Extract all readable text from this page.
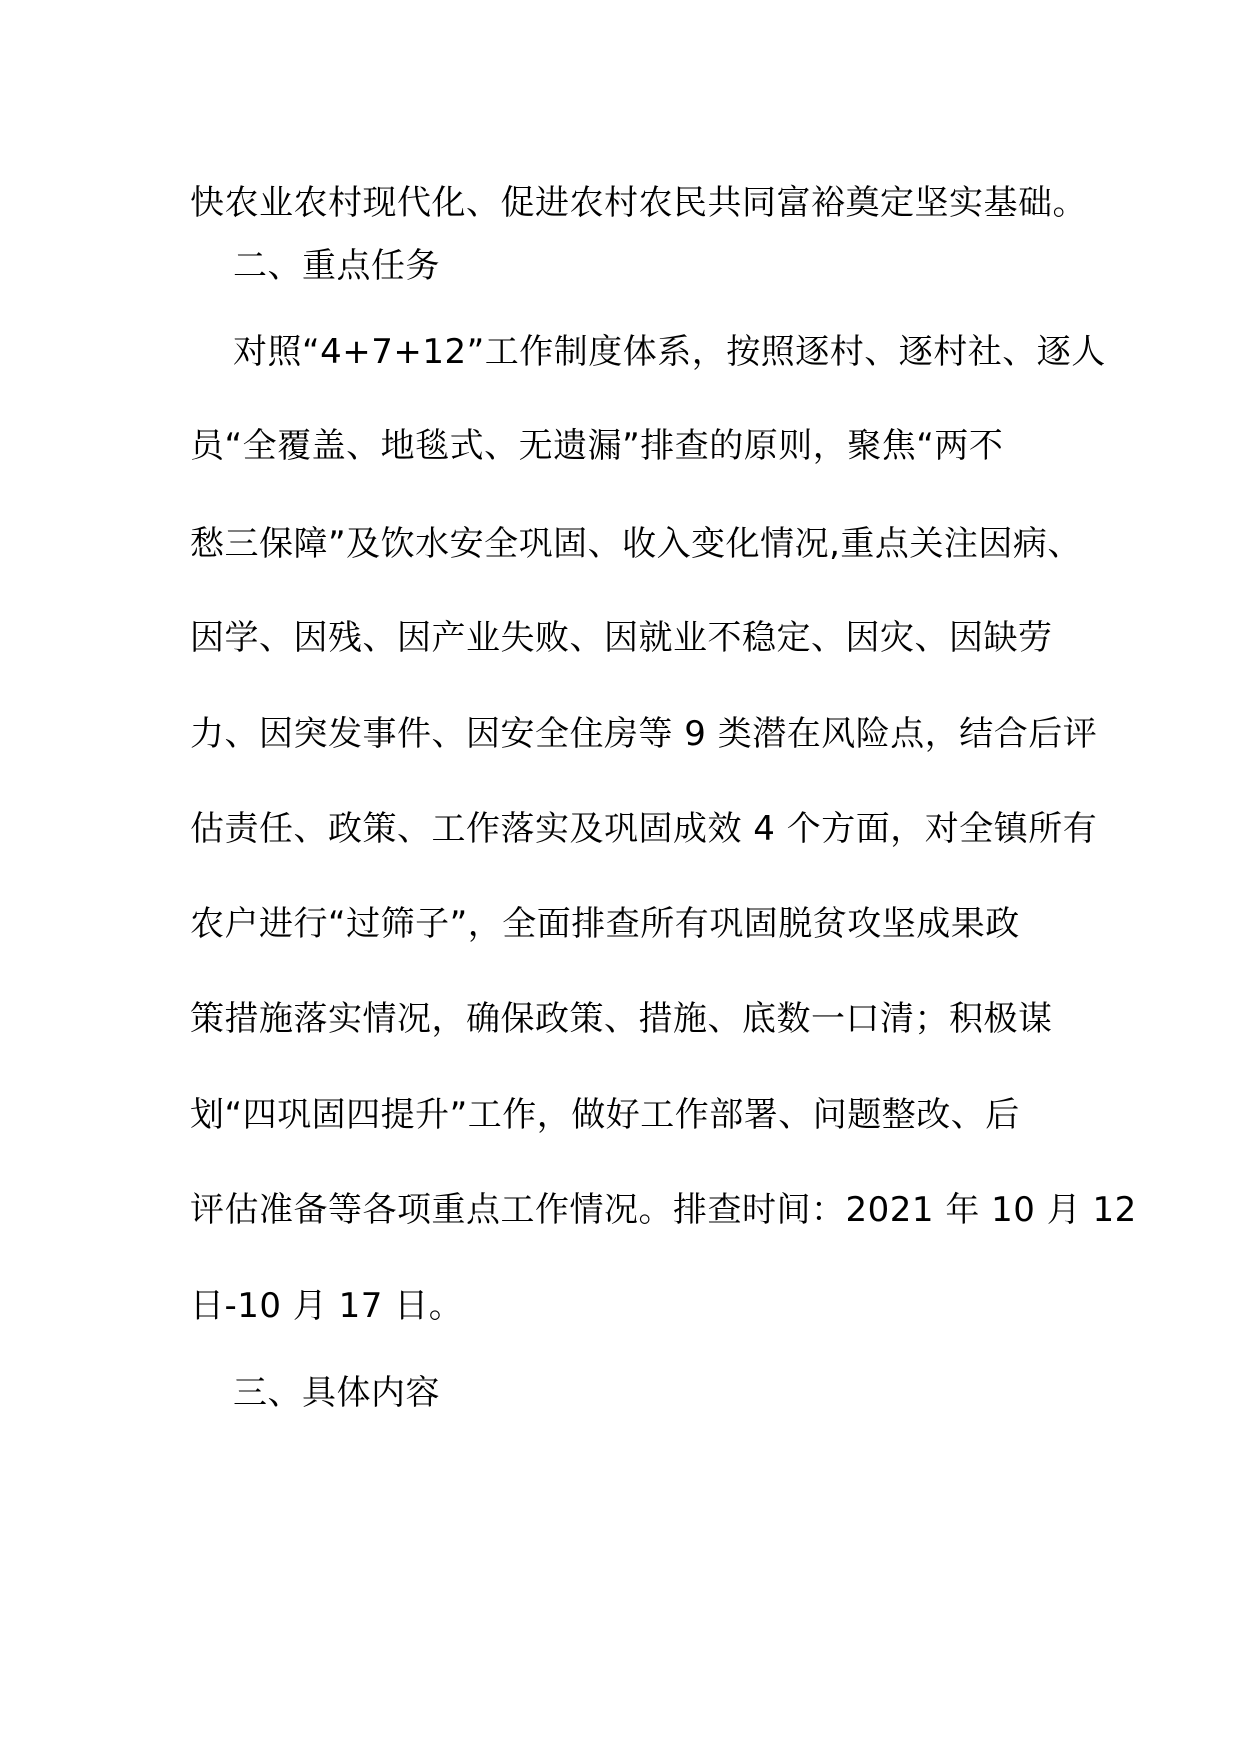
快农业农村现代化、促进农村农民共同富裕奠定坚实基础。
二、重点任务
对照“4+7+12”工作制度体系，按照逐村、逐村社、逐人
员“全覆盖、地毯式、无遗漏”排查的原则，聚焦“两不
愁三保障”及饮水安全巩固、收入变化情况,重点关注因病、
因学、因残、因产业失败、因就业不稳定、因灾、因缺劳
力、因突发事件、因安全住房等 9 类潜在风险点，结合后评
估责任、政策、工作落实及巩固成效 4 个方面，对全镇所有
农户进行“过筛子”，全面排查所有巩固脱贫攻坚成果政
策措施落实情况，确保政策、措施、底数一口清；积极谋
划“四巩固四提升”工作，做好工作部署、问题整改、后
评估准备等各项重点工作情况。排查时间：2021 年 10 月 12
日-10 月 17 日。
三、具体内容
